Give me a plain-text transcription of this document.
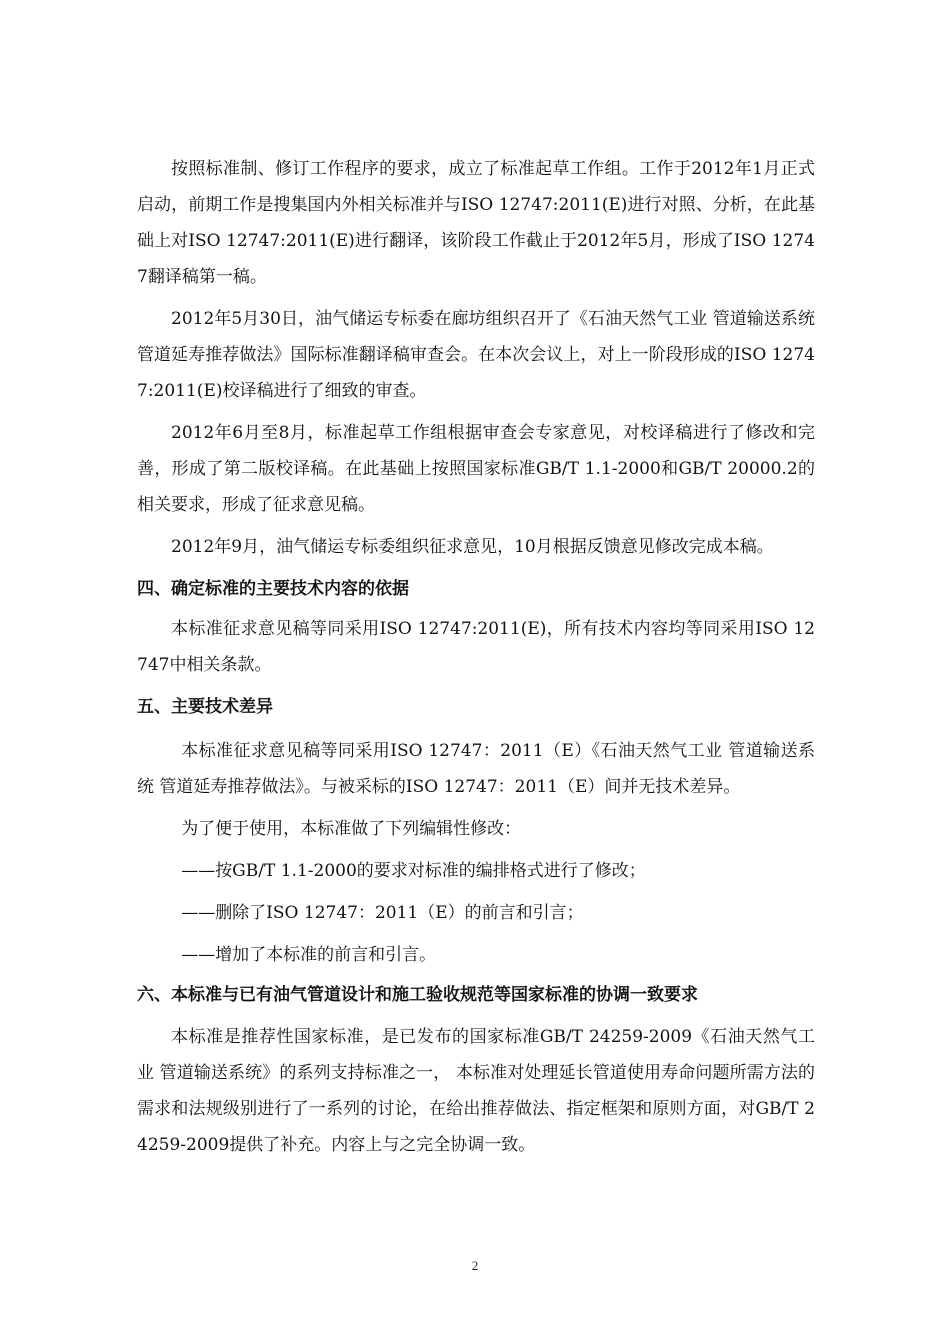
按照标准制、修订工作程序的要求，成立了标准起草工作组。工作于2012年1月正式启动，前期工作是搜集国内外相关标准并与ISO 12747:2011(E)进行对照、分析，在此基础上对ISO 12747:2011(E)进行翻译，该阶段工作截止于2012年5月，形成了ISO 12747翻译稿第一稿。

2012年5月30日，油气储运专标委在廊坊组织召开了《石油天然气工业 管道输送系统 管道延寿推荐做法》国际标准翻译稿审查会。在本次会议上，对上一阶段形成的ISO 12747:2011(E)校译稿进行了细致的审查。

2012年6月至8月，标准起草工作组根据审查会专家意见，对校译稿进行了修改和完善，形成了第二版校译稿。在此基础上按照国家标准GB/T 1.1-2000和GB/T 20000.2的相关要求，形成了征求意见稿。

2012年9月，油气储运专标委组织征求意见，10月根据反馈意见修改完成本稿。

四、确定标准的主要技术内容的依据

本标准征求意见稿等同采用ISO 12747:2011(E)，所有技术内容均等同采用ISO 12747中相关条款。

五、主要技术差异

本标准征求意见稿等同采用ISO 12747：2011（E）《石油天然气工业 管道输送系统 管道延寿推荐做法》。与被采标的ISO 12747：2011（E）间并无技术差异。

为了便于使用，本标准做了下列编辑性修改：

——按GB/T 1.1-2000的要求对标准的编排格式进行了修改；

——删除了ISO 12747：2011（E）的前言和引言；

——增加了本标准的前言和引言。

六、本标准与已有油气管道设计和施工验收规范等国家标准的协调一致要求

本标准是推荐性国家标准，是已发布的国家标准GB/T 24259-2009《石油天然气工业 管道输送系统》的系列支持标准之一， 本标准对处理延长管道使用寿命问题所需方法的需求和法规级别进行了一系列的讨论，在给出推荐做法、指定框架和原则方面，对GB/T 24259-2009提供了补充。内容上与之完全协调一致。

2
